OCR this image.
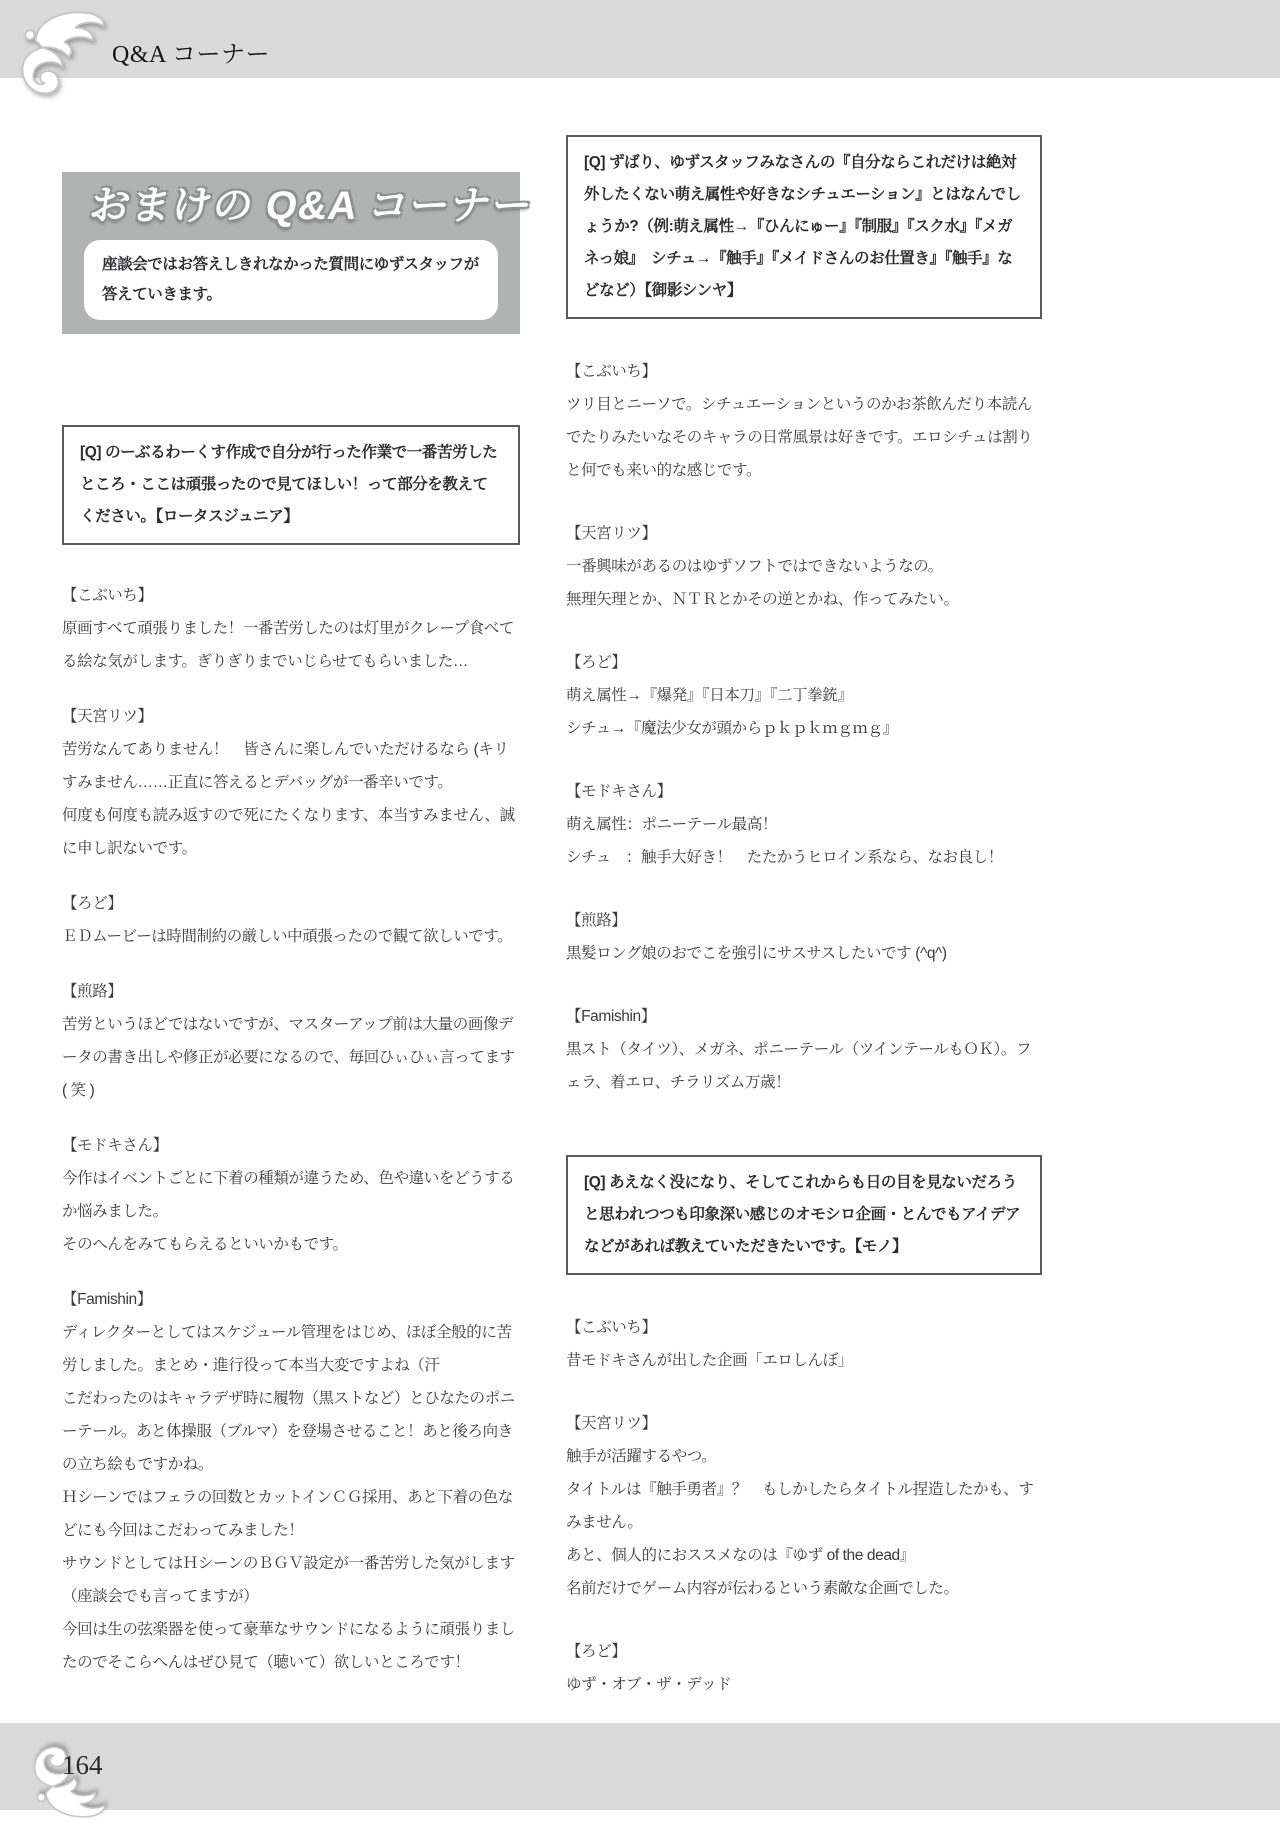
Q&A コーナー
おまけの Q&A コーナー
座談会ではお答えしきれなかった質問にゆずスタッフが答えていきます。
[Q] のーぶるわーくす作成で自分が行った作業で一番苦労したところ・ここは頑張ったので見てほしい！って部分を教えてください。【ロータスジュニア】
【こぶいち】
原画すべて頑張りました！一番苦労したのは灯里がクレープ食べてる絵な気がします。ぎりぎりまでいじらせてもらいました…
【天宮リツ】
苦労なんてありません！　皆さんに楽しんでいただけるなら (キリ
すみません……正直に答えるとデバッグが一番辛いです。
何度も何度も読み返すので死にたくなります、本当すみません、誠に申し訳ないです。
【ろど】
ＥＤムービーは時間制約の厳しい中頑張ったので観て欲しいです。
【煎路】
苦労というほどではないですが、マスターアップ前は大量の画像データの書き出しや修正が必要になるので、毎回ひぃひぃ言ってます ( 笑 )
【モドキさん】
今作はイベントごとに下着の種類が違うため、色や違いをどうするか悩みました。
そのへんをみてもらえるといいかもです。
【Famishin】
ディレクターとしてはスケジュール管理をはじめ、ほぼ全般的に苦労しました。まとめ・進行役って本当大変ですよね（汗
こだわったのはキャラデザ時に履物（黒ストなど）とひなたのポニーテール。あと体操服（ブルマ）を登場させること！あと後ろ向きの立ち絵もですかね。
Ｈシーンではフェラの回数とカットインＣＧ採用、あと下着の色などにも今回はこだわってみました！
サウンドとしてはＨシーンのＢＧＶ設定が一番苦労した気がします（座談会でも言ってますが）
今回は生の弦楽器を使って豪華なサウンドになるように頑張りましたのでそこらへんはぜひ見て（聴いて）欲しいところです！
[Q] ずばり、ゆずスタッフみなさんの『自分ならこれだけは絶対外したくない萌え属性や好きなシチュエーション』とはなんでしょうか?（例:萌え属性→『ひんにゅー』『制服』『スク水』『メガネっ娘』　シチュ→『触手』『メイドさんのお仕置き』『触手』などなど）【御影シンヤ】
【こぶいち】
ツリ目とニーソで。シチュエーションというのかお茶飲んだり本読んでたりみたいなそのキャラの日常風景は好きです。エロシチュは割りと何でも来い的な感じです。
【天宮リツ】
一番興味があるのはゆずソフトではできないようなの。
無理矢理とか、ＮＴＲとかその逆とかね、作ってみたい。
【ろど】
萌え属性→『爆発』『日本刀』『二丁拳銃』
シチュ→『魔法少女が頭からｐｋｐｋｍｇｍｇ』
【モドキさん】
萌え属性：ポニーテール最高！
シチュ　：触手大好き！　たたかうヒロイン系なら、なお良し！
【煎路】
黒髪ロング娘のおでこを強引にサスサスしたいです (^q^)
【Famishin】
黒スト（タイツ）、メガネ、ポニーテール（ツインテールもＯＫ）。フェラ、着エロ、チラリズム万歳！
[Q] あえなく没になり、そしてこれからも日の目を見ないだろうと思われつつも印象深い感じのオモシロ企画・とんでもアイデアなどがあれば教えていただきたいです。【モノ】
【こぶいち】
昔モドキさんが出した企画「エロしんぼ」
【天宮リツ】
触手が活躍するやつ。
タイトルは『触手勇者』？　もしかしたらタイトル捏造したかも、すみません。
あと、個人的におススメなのは『ゆず of the dead』
名前だけでゲーム内容が伝わるという素敵な企画でした。
【ろど】
ゆず・オブ・ザ・デッド
164
